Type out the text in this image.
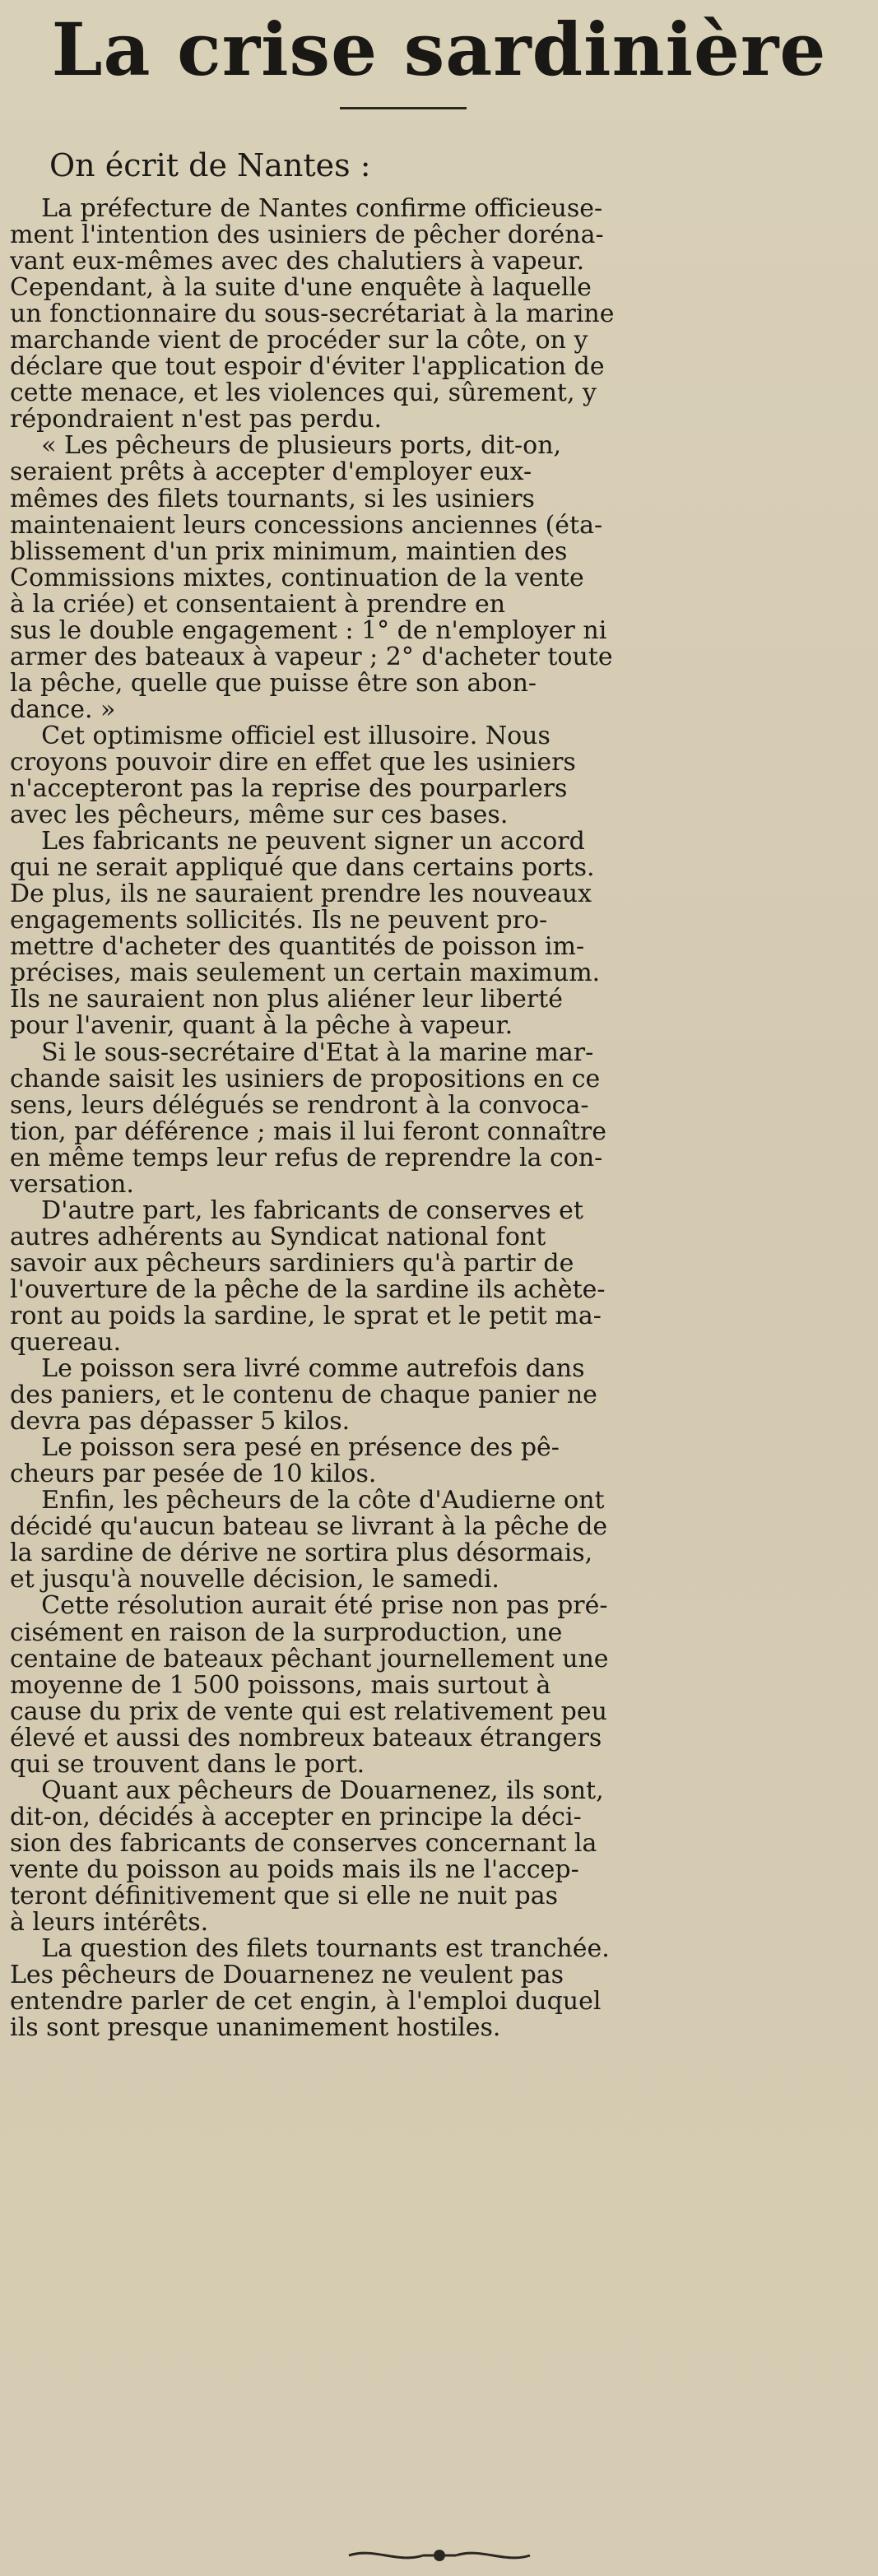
La crise sardinière
On écrit de Nantes :
La préfecture de Nantes confirme officieuse-
ment l'intention des usiniers de pêcher doréna-
vant eux-mêmes avec des chalutiers à vapeur.
Cependant, à la suite d'une enquête à laquelle
un fonctionnaire du sous-secrétariat à la marine
marchande vient de procéder sur la côte, on y
déclare que tout espoir d'éviter l'application de
cette menace, et les violences qui, sûrement, y
répondraient n'est pas perdu.
« Les pêcheurs de plusieurs ports, dit-on,
seraient prêts à accepter d'employer eux-
mêmes des filets tournants, si les usiniers
maintenaient leurs concessions anciennes (éta-
blissement d'un prix minimum, maintien des
Commissions mixtes, continuation de la vente
à la criée) et consentaient à prendre en
sus le double engagement : 1° de n'employer ni
armer des bateaux à vapeur ; 2° d'acheter toute
la pêche, quelle que puisse être son abon-
dance. »
Cet optimisme officiel est illusoire. Nous
croyons pouvoir dire en effet que les usiniers
n'accepteront pas la reprise des pourparlers
avec les pêcheurs, même sur ces bases.
Les fabricants ne peuvent signer un accord
qui ne serait appliqué que dans certains ports.
De plus, ils ne sauraient prendre les nouveaux
engagements sollicités. Ils ne peuvent pro-
mettre d'acheter des quantités de poisson im-
précises, mais seulement un certain maximum.
Ils ne sauraient non plus aliéner leur liberté
pour l'avenir, quant à la pêche à vapeur.
Si le sous-secrétaire d'Etat à la marine mar-
chande saisit les usiniers de propositions en ce
sens, leurs délégués se rendront à la convoca-
tion, par déférence ; mais il lui feront connaître
en même temps leur refus de reprendre la con-
versation.
D'autre part, les fabricants de conserves et
autres adhérents au Syndicat national font
savoir aux pêcheurs sardiniers qu'à partir de
l'ouverture de la pêche de la sardine ils achète-
ront au poids la sardine, le sprat et le petit ma-
quereau.
Le poisson sera livré comme autrefois dans
des paniers, et le contenu de chaque panier ne
devra pas dépasser 5 kilos.
Le poisson sera pesé en présence des pê-
cheurs par pesée de 10 kilos.
Enfin, les pêcheurs de la côte d'Audierne ont
décidé qu'aucun bateau se livrant à la pêche de
la sardine de dérive ne sortira plus désormais,
et jusqu'à nouvelle décision, le samedi.
Cette résolution aurait été prise non pas pré-
cisément en raison de la surproduction, une
centaine de bateaux pêchant journellement une
moyenne de 1 500 poissons, mais surtout à
cause du prix de vente qui est relativement peu
élevé et aussi des nombreux bateaux étrangers
qui se trouvent dans le port.
Quant aux pêcheurs de Douarnenez, ils sont,
dit-on, décidés à accepter en principe la déci-
sion des fabricants de conserves concernant la
vente du poisson au poids mais ils ne l'accep-
teront définitivement que si elle ne nuit pas
à leurs intérêts.
La question des filets tournants est tranchée.
Les pêcheurs de Douarnenez ne veulent pas
entendre parler de cet engin, à l'emploi duquel
ils sont presque unanimement hostiles.
